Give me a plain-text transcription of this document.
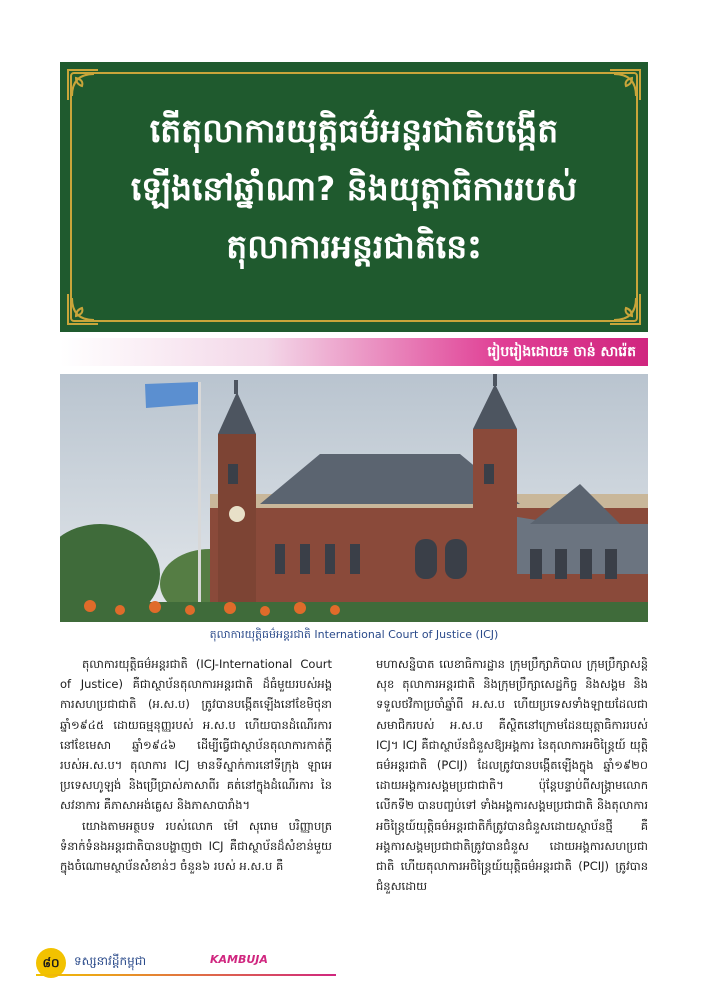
តើតុលាការយុត្តិធម៌អន្តរជាតិបង្កើត
ឡើងនៅឆ្នាំណា? និងយុត្តាធិការរបស់
តុលាការអន្តរជាតិនេះ
រៀបរៀងដោយ៖ ចាន់ សារ៉េត
តុលាការយុត្តិធម៌អន្តរជាតិ International Court of Justice (ICJ)

តុលាការយុត្តិធម៌អន្តរជាតិ (ICJ-International Court of Justice) គឺជាស្ថាប័នតុលាការអន្តរជាតិ ដ៏ធំមួយរបស់អង្គការសហប្រជាជាតិ (អ.ស.ប) ត្រូវបានបង្កើតឡើងនៅខែមិថុនា ឆ្នាំ១៩៤៥ ដោយធម្មនុញ្ញរបស់ អ.ស.ប ហើយបានដំណើរការនៅខែមេសា ឆ្នាំ១៩៤៦ ដើម្បីធ្វើជាស្ថាប័នតុលាការកាត់ក្តីរបស់អ.ស.ប។ តុលាការ ICJ មានទីស្នាក់ការនៅទីក្រុង ឡាអេ ប្រទេសហូឡង់ និងប្រើប្រាស់ភាសាពីរ គត់នៅក្នុងដំណើរការ នៃសវនាការ គឺភាសាអង់គ្លេស និងភាសាបារាំង។

យោងតាមអត្ថបទ របស់លោក ម៉ៅ សុរោម បរិញ្ញាបត្រ ទំនាក់ទំនងអន្តរជាតិបានបង្ហាញថា ICJ គឺជាស្ថាប័នដ៏សំខាន់មួយក្នុងចំណោមស្ថាប័នសំខាន់ៗ ចំនួន៦ របស់ អ.ស.ប គឺ

មហាសន្និបាត លេខាធិការដ្ឋាន ក្រុមប្រឹក្សាភិបាល ក្រុមប្រឹក្សាសន្តិសុខ តុលាការអន្តរជាតិ និងក្រុមប្រឹក្សាសេដ្ឋកិច្ច និងសង្គម និងទទួលថវិកាប្រចាំឆ្នាំពី អ.ស.ប ហើយប្រទេសទាំងឡាយដែលជាសមាជិករបស់ អ.ស.ប គឺស្ថិតនៅក្រោមដែនយុត្តាធិការរបស់ ICJ។ ICJ គឺជាស្ថាប័នជំនួសឱ្យអង្គការ នៃតុលាការអចិន្ត្រៃយ៍ យុត្តិធម៌អន្តរជាតិ (PCIJ) ដែលត្រូវបានបង្កើតឡើងក្នុង ឆ្នាំ១៩២០ ដោយអង្គការសង្គមប្រជាជាតិ។ ប៉ុន្តែបន្ទាប់ពីសង្គ្រាមលោកលើកទី២ បានបញ្ចប់ទៅ ទាំងអង្គការសង្គមប្រជាជាតិ និងតុលាការអចិន្ត្រៃយ៍យុត្តិធម៌អន្តរជាតិក៏ត្រូវបានជំនួសដោយស្ថាប័នថ្មី គឺអង្គការសង្គមប្រជាជាតិត្រូវបានជំនួស ដោយអង្គការសហប្រជាជាតិ ហើយតុលាការអចិន្ត្រៃយ៍យុត្តិធម៌អន្តរជាតិ (PCIJ) ត្រូវបានជំនួសដោយ

៨០	ទស្សនាវដ្តីកម្ពុជា	KAMBUJA
